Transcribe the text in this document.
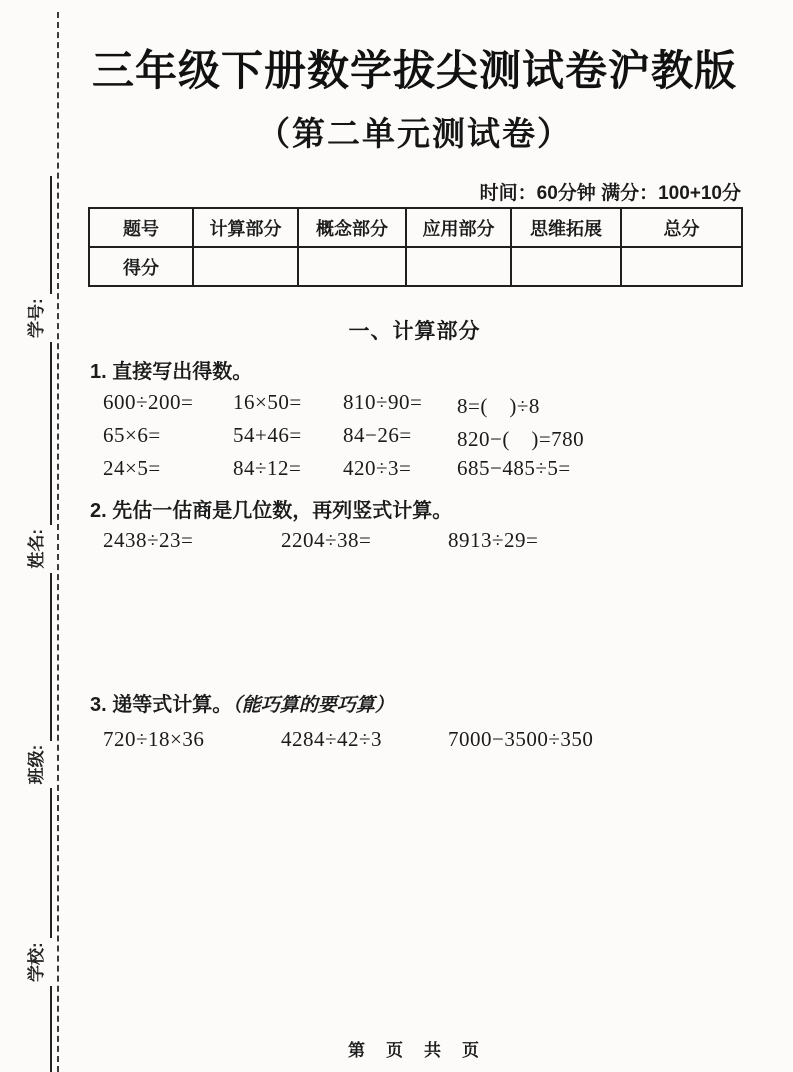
学校:
班级:
姓名:
学号:
三年级下册数学拔尖测试卷沪教版
（第二单元测试卷）
时间：60分钟 满分：100+10分
题号	计算部分	概念部分	应用部分	思维拓展	总分
得分					
一、计算部分
1. 直接写出得数。
600÷200= 16×50= 810÷90= 8=(　)÷8
65×6=	54+46= 84−26= 820−(　)=780
24×5=	84÷12= 420÷3= 685−485÷5=
2. 先估一估商是几位数，再列竖式计算。
2438÷23=	2204÷38=	8913÷29=
3. 递等式计算。（能巧算的要巧算）
720÷18×36	4284÷42÷3	7000−3500÷350
第　页　共　页
